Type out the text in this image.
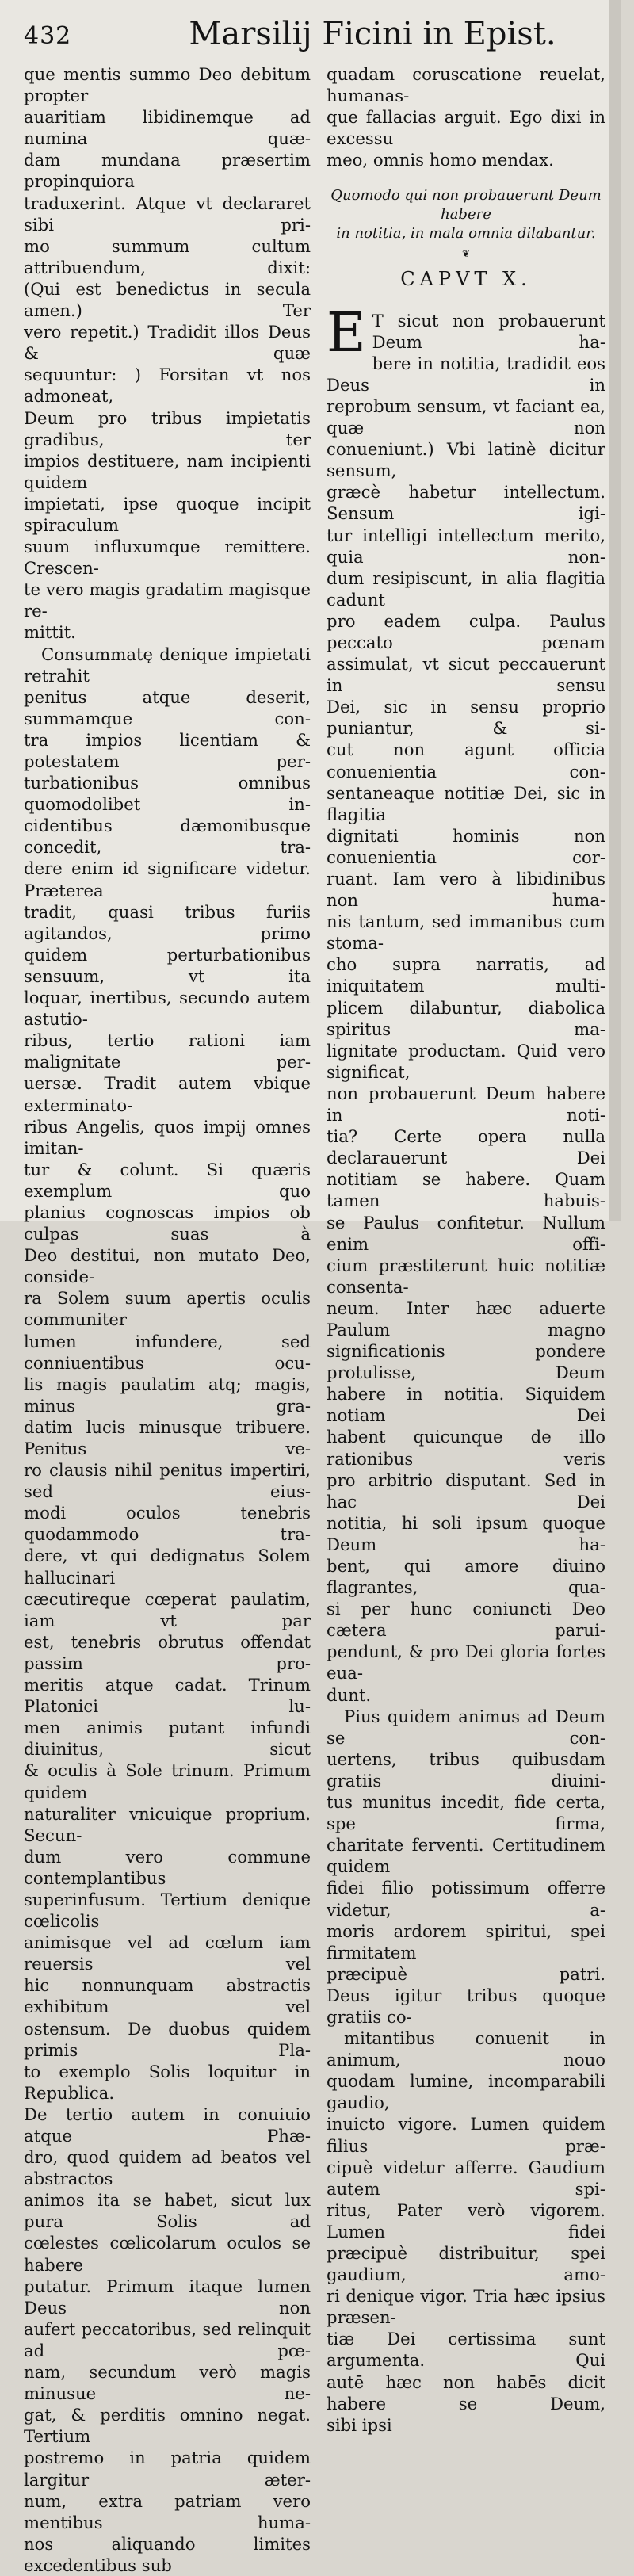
432	Marsilij Ficini in Epist.

que mentis summo Deo debitum propter

auaritiam libidinemque ad numina quæ-

dam mundana præsertim propinquiora

traduxerint. Atque vt declararet sibi pri-

mo summum cultum attribuendum, dixit:

(Qui est benedictus in secula amen.) Ter

vero repetit.) Tradidit illos Deus & quæ

sequuntur: ) Forsitan vt nos admoneat,

Deum pro tribus impietatis gradibus, ter

impios destituere, nam incipienti quidem

impietati, ipse quoque incipit spiraculum

suum influxumque remittere. Crescen-

te vero magis gradatim magisque re-

mittit.

Consummatę denique impietati retrahit

penitus atque deserit, summamque con-

tra impios licentiam & potestatem per-

turbationibus omnibus quomodolibet in-

cidentibus dæmonibusque concedit, tra-

dere enim id significare videtur. Præterea

tradit, quasi tribus furiis agitandos, primo

quidem perturbationibus sensuum, vt ita

loquar, inertibus, secundo autem astutio-

ribus, tertio rationi iam malignitate per-

uersæ. Tradit autem vbique exterminato-

ribus Angelis, quos impij omnes imitan-

tur & colunt. Si quæris exemplum quo

planius cognoscas impios ob culpas suas à

Deo destitui, non mutato Deo, conside-

ra Solem suum apertis oculis communiter

lumen infundere, sed conniuentibus ocu-

lis magis paulatim atq; magis, minus gra-

datim lucis minusque tribuere. Penitus ve-

ro clausis nihil penitus impertiri, sed eius-

modi oculos tenebris quodammodo tra-

dere, vt qui dedignatus Solem hallucinari

cæcutireque cœperat paulatim, iam vt par

est, tenebris obrutus offendat passim pro-

meritis atque cadat. Trinum Platonici lu-

men animis putant infundi diuinitus, sicut

& oculis à Sole trinum. Primum quidem

naturaliter vnicuique proprium. Secun-

dum vero commune contemplantibus

superinfusum. Tertium denique cœlicolis

animisque vel ad cœlum iam reuersis vel

hic nonnunquam abstractis exhibitum vel

ostensum. De duobus quidem primis Pla-

to exemplo Solis loquitur in Republica.

De tertio autem in conuiuio atque Phæ-

dro, quod quidem ad beatos vel abstractos

animos ita se habet, sicut lux pura Solis ad

cœlestes cœlicolarum oculos se habere

putatur. Primum itaque lumen Deus non

aufert peccatoribus, sed relinquit ad pœ-

nam, secundum verò magis minusue ne-

gat, & perditis omnino negat. Tertium

postremo in patria quidem largitur æter-

num, extra patriam vero mentibus huma-

nos aliquando limites excedentibus sub

quadam coruscatione reuelat, humanas-

que fallacias arguit. Ego dixi in excessu

meo, omnis homo mendax.

Quomodo qui non probauerunt Deum habere
in notitia, in mala omnia dilabantur.
❦
CAPVT X.
E T sicut non probauerunt Deum ha-

bere in notitia, tradidit eos Deus in

reprobum sensum, vt faciant ea, quæ non

conueniunt.) Vbi latinè dicitur sensum,

græcè habetur intellectum. Sensum igi-

tur intelligi intellectum merito, quia non-

dum resipiscunt, in alia flagitia cadunt

pro eadem culpa. Paulus peccato pœnam

assimulat, vt sicut peccauerunt in sensu

Dei, sic in sensu proprio puniantur, & si-

cut non agunt officia conuenientia con-

sentaneaque notitiæ Dei, sic in flagitia

dignitati hominis non conuenientia cor-

ruant. Iam vero à libidinibus non huma-

nis tantum, sed immanibus cum stoma-

cho supra narratis, ad iniquitatem multi-

plicem dilabuntur, diabolica spiritus ma-

lignitate productam. Quid vero significat,

non probauerunt Deum habere in noti-

tia? Certe opera nulla declarauerunt Dei

notitiam se habere. Quam tamen habuis-

se Paulus confitetur. Nullum enim offi-

cium præstiterunt huic notitiæ consenta-

neum. Inter hæc aduerte Paulum magno

significationis pondere protulisse, Deum

habere in notitia. Siquidem notiam Dei

habent quicunque de illo rationibus veris

pro arbitrio disputant. Sed in hac Dei

notitia, hi soli ipsum quoque Deum ha-

bent, qui amore diuino flagrantes, qua-

si per hunc coniuncti Deo cætera parui-

pendunt, & pro Dei gloria fortes eua-

dunt.

Pius quidem animus ad Deum se con-

uertens, tribus quibusdam gratiis diuini-

tus munitus incedit, fide certa, spe firma,

charitate ferventi. Certitudinem quidem

fidei filio potissimum offerre videtur, a-

moris ardorem spiritui, spei firmitatem

præcipuè patri.

Deus igitur tribus quoque gratiis co-

mitantibus conuenit in animum, nouo

quodam lumine, incomparabili gaudio,

inuicto vigore. Lumen quidem filius præ-

cipuè videtur afferre. Gaudium autem spi-

ritus, Pater verò vigorem. Lumen fidei

præcipuè distribuitur, spei gaudium, amo-

ri denique vigor. Tria hæc ipsius præsen-

tiæ Dei certissima sunt argumenta. Qui

autē hæc non habēs dicit habere se Deum,

sibi ipsi
